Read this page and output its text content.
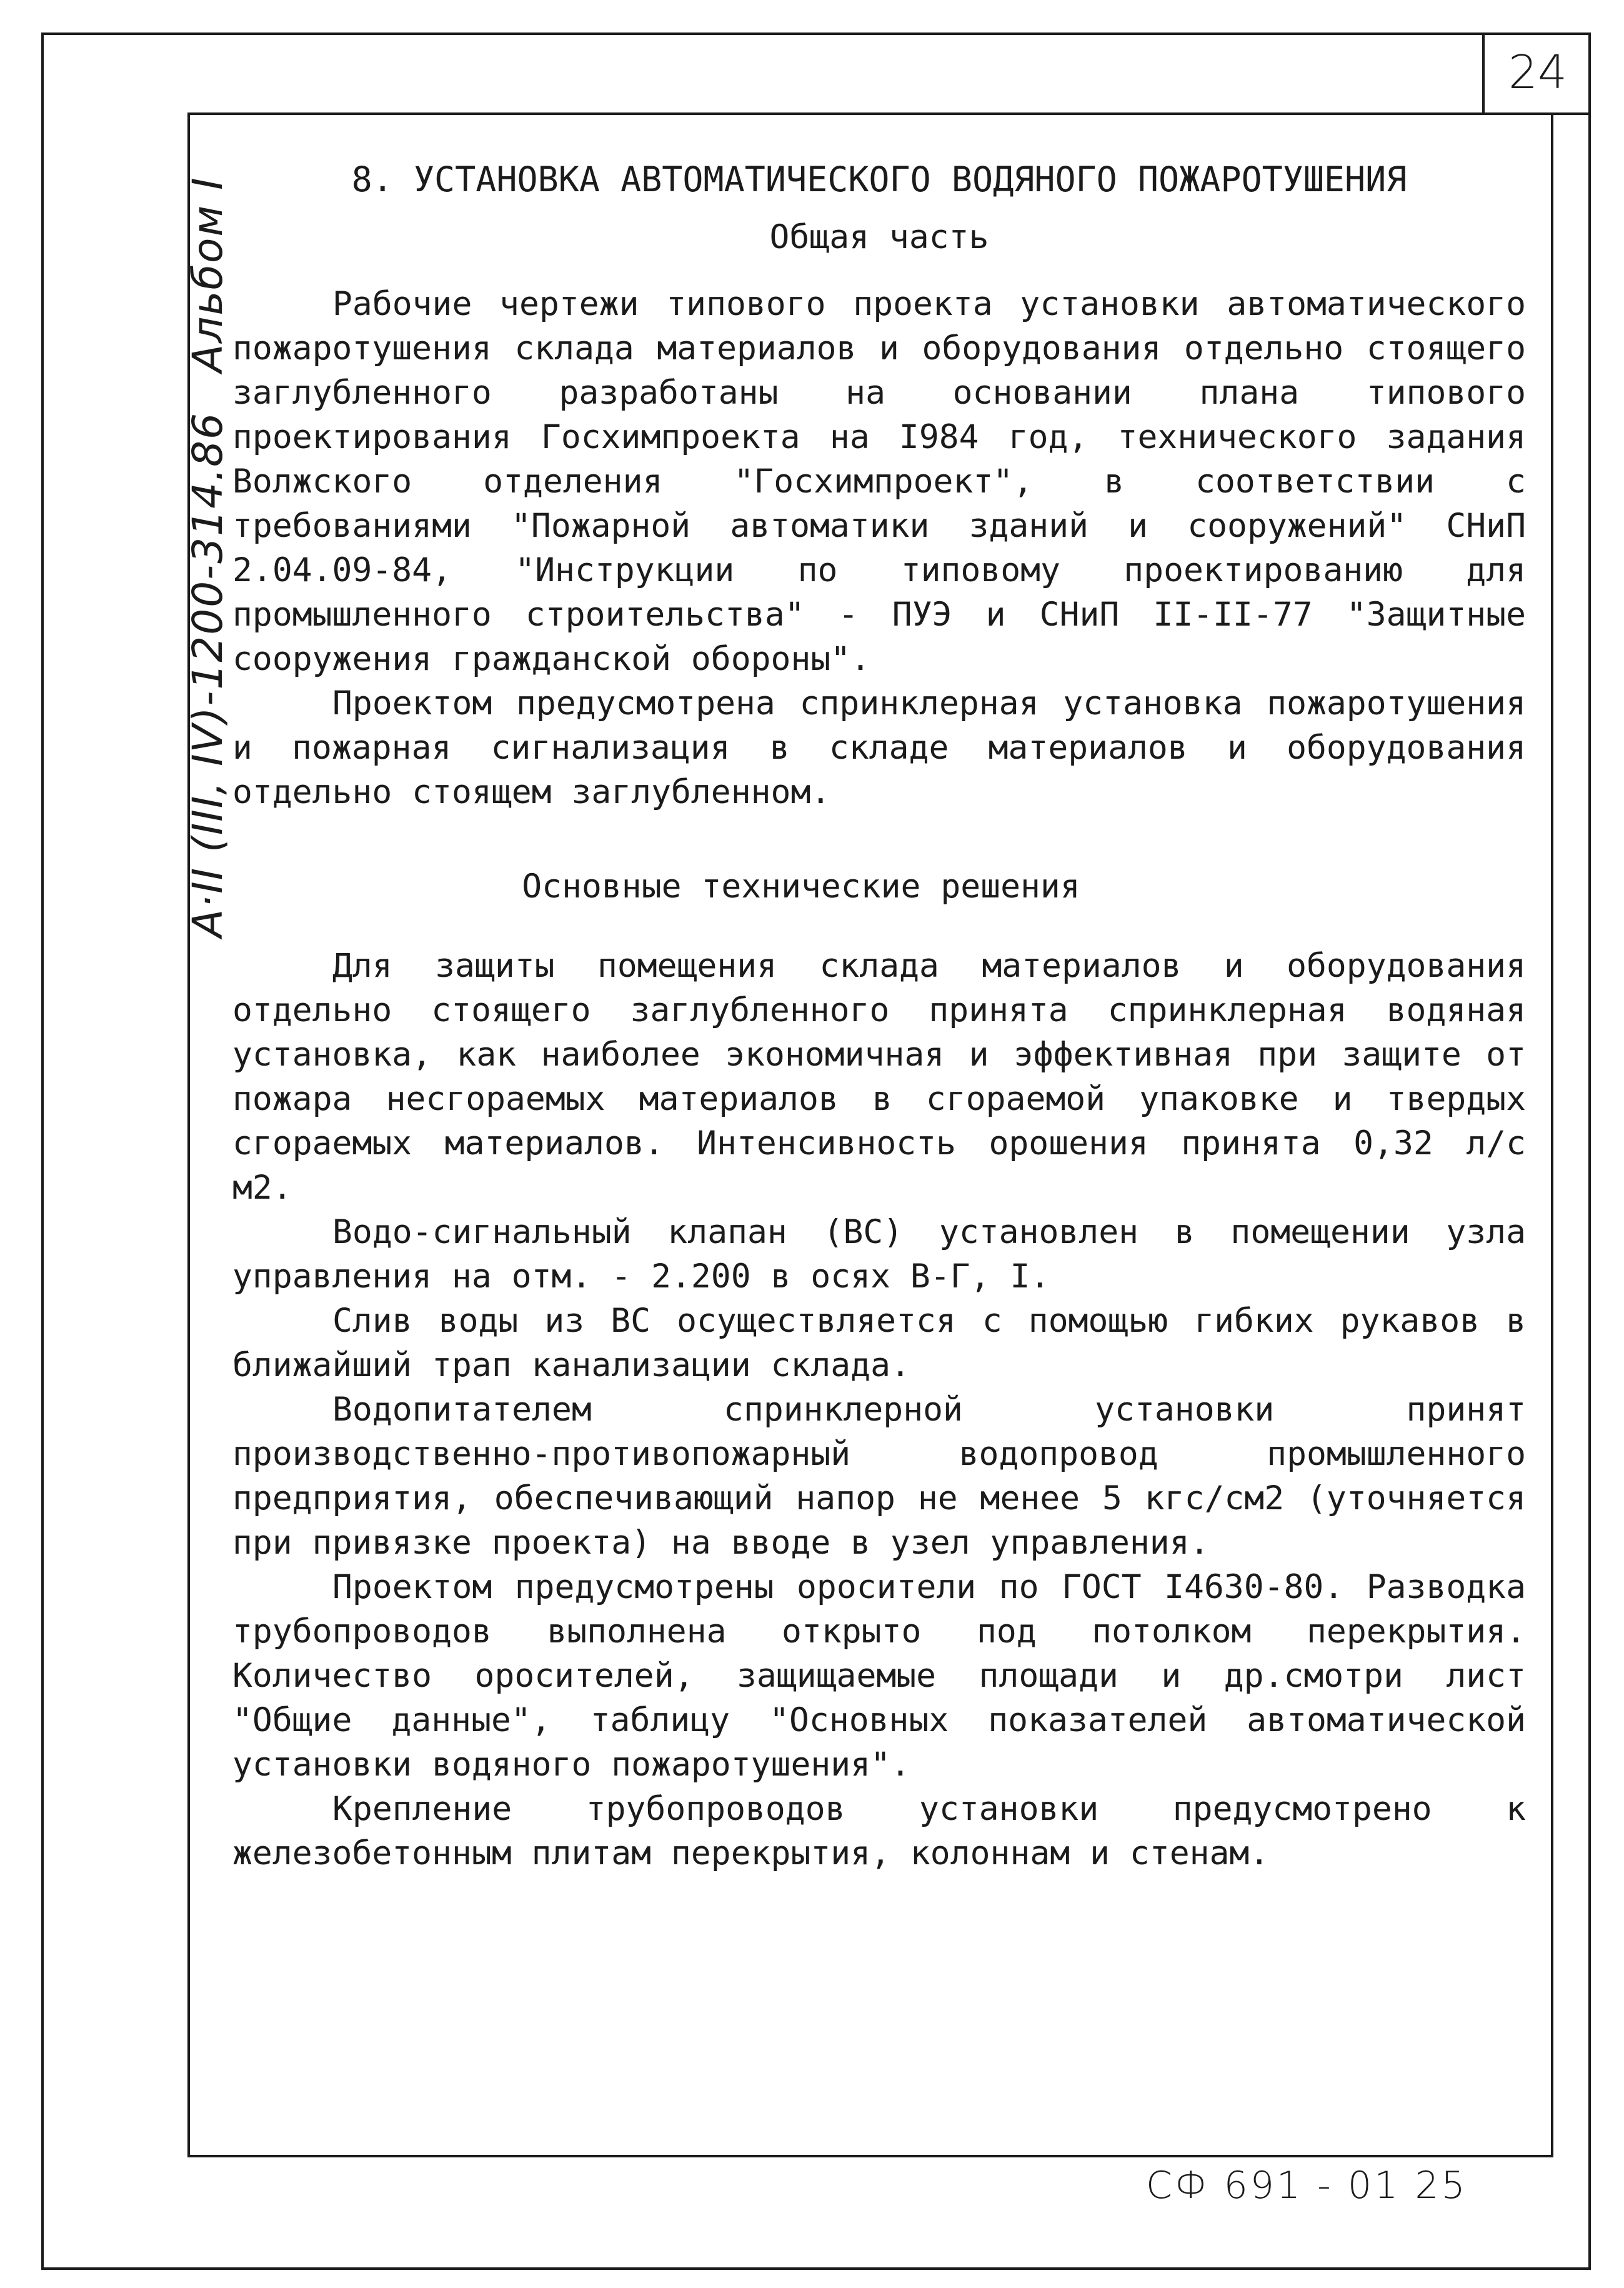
24
А·II (III, IV)-1200-314.86 Альбом I	8. УСТАНОВКА АВТОМАТИЧЕСКОГО ВОДЯНОГО ПОЖАРОТУШЕНИЯ
Общая часть

Рабочие чертежи типового проекта установки автоматического пожаротушения склада материалов и оборудования отдельно стоящего заглубленного разработаны на основании плана типового проектирования Госхимпроекта на I984 год, технического задания Волжского отделения "Госхимпроект", в соответствии с требованиями "Пожарной автоматики зданий и сооружений" СНиП 2.04.09-84, "Инструкции по типовому проектированию для промышленного строительства" - ПУЭ и СНиП II-II-77 "Защитные сооружения гражданской обороны".

Проектом предусмотрена спринклерная установка пожаротушения и пожарная сигнализация в складе материалов и оборудования отдельно стоящем заглубленном.

Основные технические решения

Для защиты помещения склада материалов и оборудования отдельно стоящего заглубленного принята спринклерная водяная установка, как наиболее экономичная и эффективная при защите от пожара несгораемых материалов в сгораемой упаковке и твердых сгораемых материалов. Интенсивность орошения принята 0,32 л/с м2.

Водо-сигнальный клапан (ВС) установлен в помещении узла управления на отм. - 2.200 в осях В-Г, I.

Слив воды из ВС осуществляется с помощью гибких рукавов в ближайший трап канализации склада.

Водопитателем спринклерной установки принят производственно-противопожарный водопровод промышленного предприятия, обеспечивающий напор не менее 5 кгс/см2 (уточняется при привязке проекта) на вводе в узел управления.

Проектом предусмотрены оросители по ГОСТ I4630-80. Разводка трубопроводов выполнена открыто под потолком перекрытия. Количество оросителей, защищаемые площади и др.смотри лист "Общие данные", таблицу "Основных показателей автоматической установки водяного пожаротушения".

Крепление трубопроводов установки предусмотрено к железобетонным плитам перекрытия, колоннам и стенам.

СФ 691 - 01 25
